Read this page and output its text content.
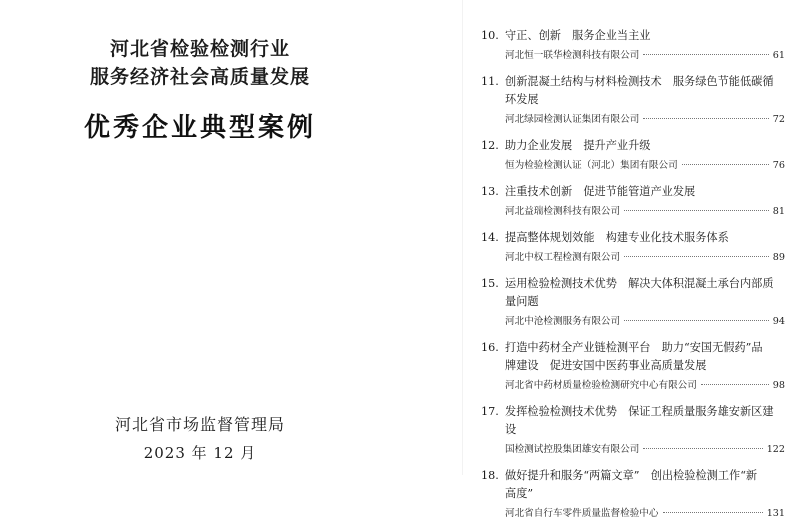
河北省检验检测行业
服务经济社会高质量发展
优秀企业典型案例
河北省市场监督管理局
2023 年 12 月
10. 守正、创新　服务企业当主业
河北恒一联华检测科技有限公司	61
11. 创新混凝土结构与材料检测技术　服务绿色节能低碳循
环发展
河北绿园检测认证集团有限公司	72
12. 助力企业发展　提升产业升级
恒为检验检测认证（河北）集团有限公司	76
13. 注重技术创新　促进节能管道产业发展
河北益瑞检测科技有限公司	81
14. 提高整体规划效能　构建专业化技术服务体系
河北中权工程检测有限公司	89
15. 运用检验检测技术优势　解决大体积混凝土承台内部质
量问题
河北中沧检测服务有限公司	94
16. 打造中药材全产业链检测平台　助力“安国无假药”品
牌建设　促进安国中医药事业高质量发展
河北省中药材质量检验检测研究中心有限公司	98
17. 发挥检验检测技术优势　保证工程质量服务雄安新区建
设
国检测试控股集团雄安有限公司	122
18. 做好提升和服务“两篇文章”　创出检验检测工作“新
高度”
河北省自行车零件质量监督检验中心	131
